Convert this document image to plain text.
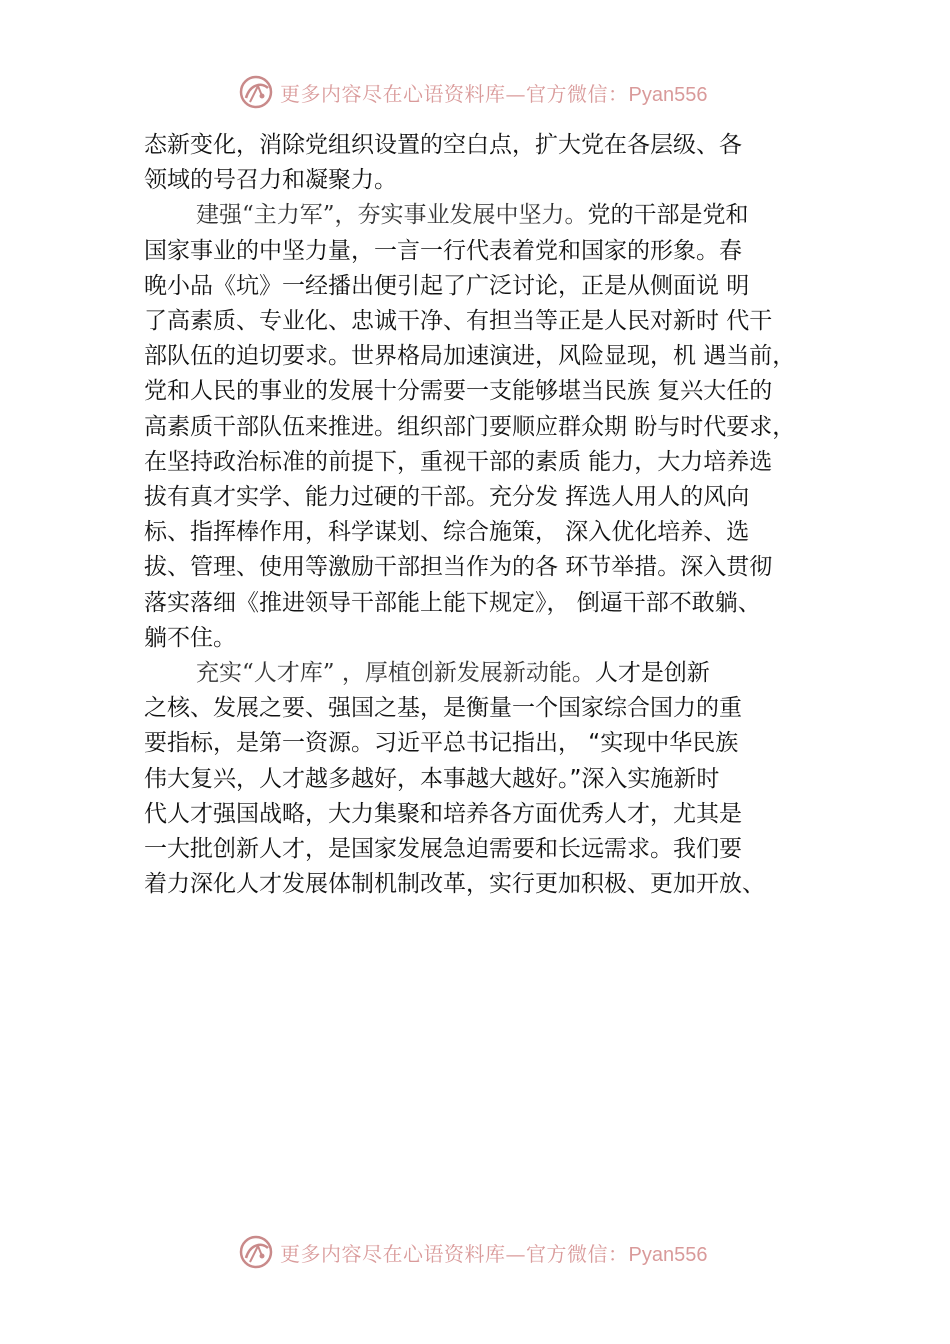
更多内容尽在心语资料库—官方微信：Pyan556

态新变化，消除党组织设置的空白点，扩大党在各层级、各
领域的号召力和凝聚力。

建强“主力军”，夯实事业发展中坚力。党的干部是党和
国家事业的中坚力量，一言一行代表着党和国家的形象。春
晚小品《坑》一经播出便引起了广泛讨论，正是从侧面说 明
了高素质、专业化、忠诚干净、有担当等正是人民对新时 代干
部队伍的迫切要求。世界格局加速演进，风险显现，机 遇当前，
党和人民的事业的发展十分需要一支能够堪当民族 复兴大任的
高素质干部队伍来推进。组织部门要顺应群众期 盼与时代要求，
在坚持政治标准的前提下，重视干部的素质 能力，大力培养选
拔有真才实学、能力过硬的干部。充分发 挥选人用人的风向
标、指挥棒作用，科学谋划、综合施策， 深入优化培养、选
拔、管理、使用等激励干部担当作为的各 环节举措。深入贯彻
落实落细《推进领导干部能上能下规定》， 倒逼干部不敢躺、
躺不住。

充实“人才库” ，厚植创新发展新动能。人才是创新
之核、发展之要、强国之基，是衡量一个国家综合国力的重
要指标，是第一资源。习近平总书记指出， “实现中华民族
伟大复兴，人才越多越好，本事越大越好。”深入实施新时
代人才强国战略，大力集聚和培养各方面优秀人才，尤其是
一大批创新人才，是国家发展急迫需要和长远需求。我们要
着力深化人才发展体制机制改革，实行更加积极、更加开放、

更多内容尽在心语资料库—官方微信：Pyan556
